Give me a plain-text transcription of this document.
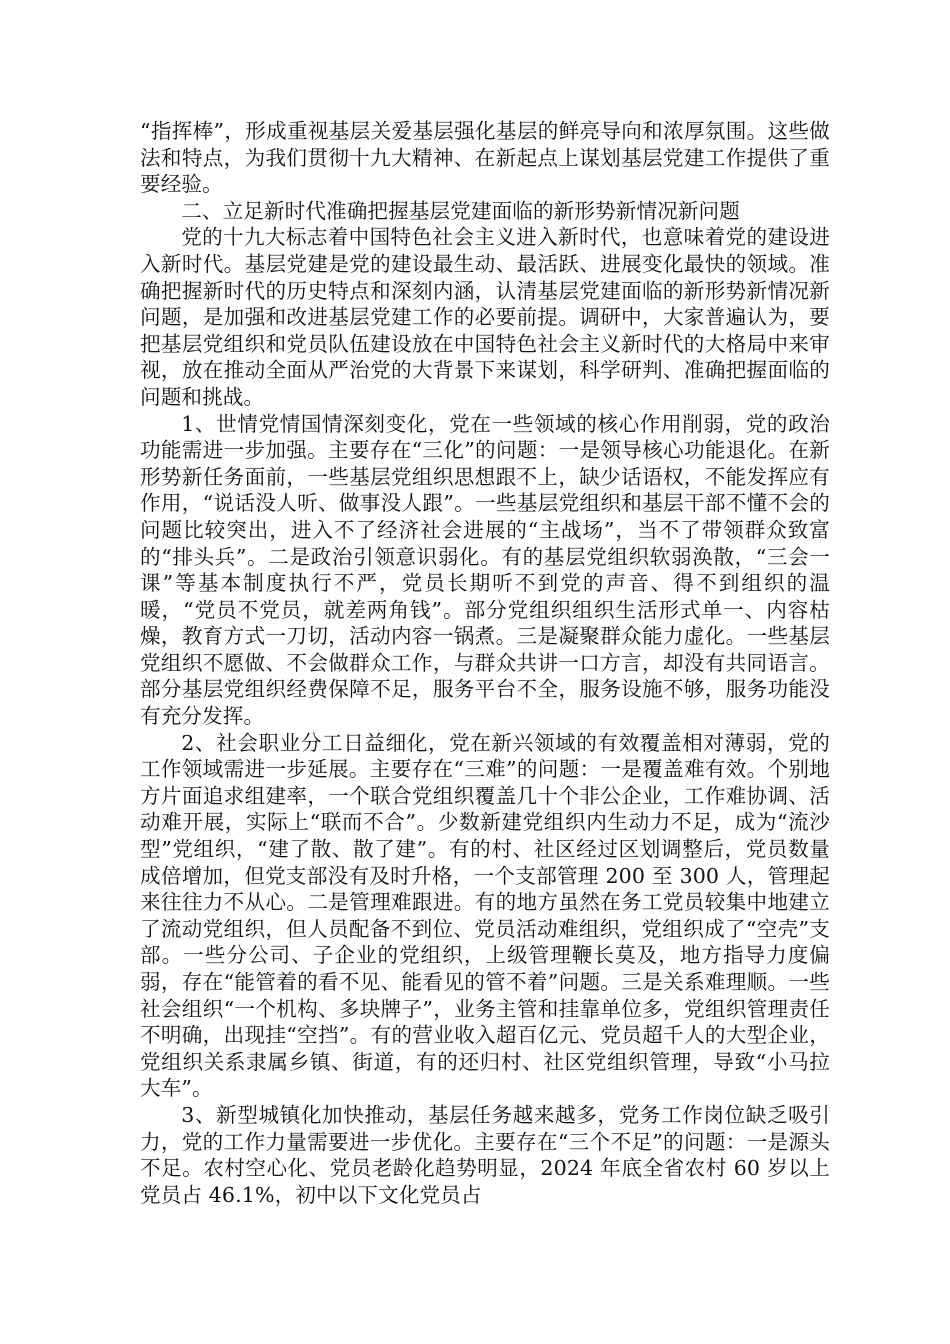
“指挥棒”，形成重视基层关爱基层强化基层的鲜亮导向和浓厚氛围。这些做法和特点，为我们贯彻十九大精神、在新起点上谋划基层党建工作提供了重要经验。

二、立足新时代准确把握基层党建面临的新形势新情况新问题

党的十九大标志着中国特色社会主义进入新时代，也意味着党的建设进入新时代。基层党建是党的建设最生动、最活跃、进展变化最快的领域。准确把握新时代的历史特点和深刻内涵，认清基层党建面临的新形势新情况新问题，是加强和改进基层党建工作的必要前提。调研中，大家普遍认为，要把基层党组织和党员队伍建设放在中国特色社会主义新时代的大格局中来审视，放在推动全面从严治党的大背景下来谋划，科学研判、准确把握面临的问题和挑战。

1、世情党情国情深刻变化，党在一些领域的核心作用削弱，党的政治功能需进一步加强。主要存在“三化”的问题：一是领导核心功能退化。在新形势新任务面前，一些基层党组织思想跟不上，缺少话语权，不能发挥应有作用，“说话没人听、做事没人跟”。一些基层党组织和基层干部不懂不会的问题比较突出，进入不了经济社会进展的“主战场”，当不了带领群众致富的“排头兵”。二是政治引领意识弱化。有的基层党组织软弱涣散，“三会一课”等基本制度执行不严，党员长期听不到党的声音、得不到组织的温暖，“党员不党员，就差两角钱”。部分党组织组织生活形式单一、内容枯燥，教育方式一刀切，活动内容一锅煮。三是凝聚群众能力虚化。一些基层党组织不愿做、不会做群众工作，与群众共讲一口方言，却没有共同语言。部分基层党组织经费保障不足，服务平台不全，服务设施不够，服务功能没有充分发挥。

2、社会职业分工日益细化，党在新兴领域的有效覆盖相对薄弱，党的工作领域需进一步延展。主要存在“三难”的问题：一是覆盖难有效。个别地方片面追求组建率，一个联合党组织覆盖几十个非公企业，工作难协调、活动难开展，实际上“联而不合”。少数新建党组织内生动力不足，成为“流沙型”党组织，“建了散、散了建”。有的村、社区经过区划调整后，党员数量成倍增加，但党支部没有及时升格，一个支部管理 200 至 300 人，管理起来往往力不从心。二是管理难跟进。有的地方虽然在务工党员较集中地建立了流动党组织，但人员配备不到位、党员活动难组织，党组织成了“空壳”支部。一些分公司、子企业的党组织，上级管理鞭长莫及，地方指导力度偏弱，存在“能管着的看不见、能看见的管不着”问题。三是关系难理顺。一些社会组织“一个机构、多块牌子”，业务主管和挂靠单位多，党组织管理责任不明确，出现挂“空挡”。有的营业收入超百亿元、党员超千人的大型企业，党组织关系隶属乡镇、街道，有的还归村、社区党组织管理，导致“小马拉大车”。

3、新型城镇化加快推动，基层任务越来越多，党务工作岗位缺乏吸引力，党的工作力量需要进一步优化。主要存在“三个不足”的问题：一是源头不足。农村空心化、党员老龄化趋势明显，2024 年底全省农村 60 岁以上党员占 46.1%，初中以下文化党员占
